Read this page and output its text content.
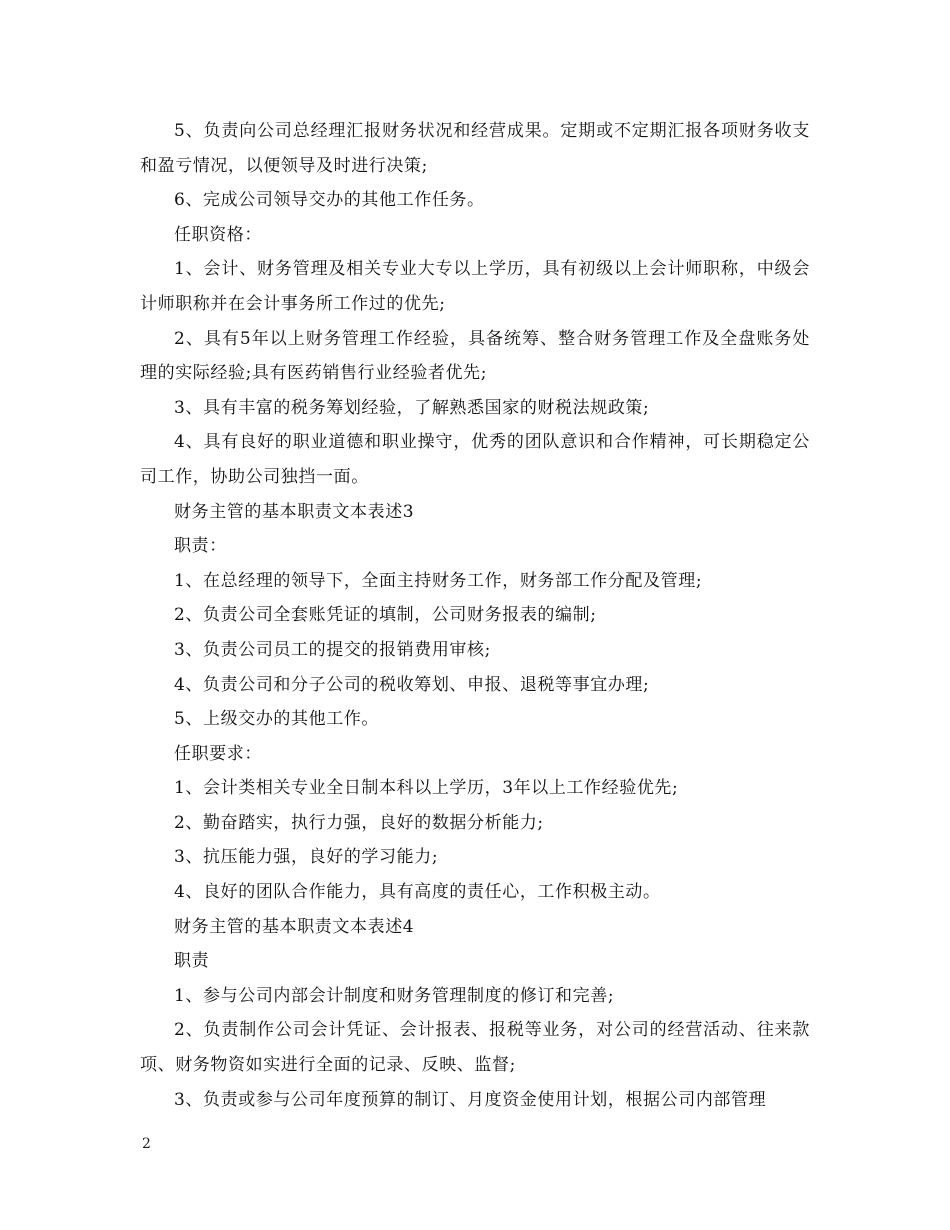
5、负责向公司总经理汇报财务状况和经营成果。定期或不定期汇报各项财务收支和盈亏情况，以便领导及时进行决策;

6、完成公司领导交办的其他工作任务。

任职资格：

1、会计、财务管理及相关专业大专以上学历，具有初级以上会计师职称，中级会计师职称并在会计事务所工作过的优先;

2、具有5年以上财务管理工作经验，具备统筹、整合财务管理工作及全盘账务处理的实际经验;具有医药销售行业经验者优先;

3、具有丰富的税务筹划经验，了解熟悉国家的财税法规政策;

4、具有良好的职业道德和职业操守，优秀的团队意识和合作精神，可长期稳定公司工作，协助公司独挡一面。

财务主管的基本职责文本表述3

职责：

1、在总经理的领导下，全面主持财务工作，财务部工作分配及管理;

2、负责公司全套账凭证的填制，公司财务报表的编制;

3、负责公司员工的提交的报销费用审核;

4、负责公司和分子公司的税收筹划、申报、退税等事宜办理;

5、上级交办的其他工作。

任职要求：

1、会计类相关专业全日制本科以上学历，3年以上工作经验优先;

2、勤奋踏实，执行力强，良好的数据分析能力;

3、抗压能力强，良好的学习能力;

4、良好的团队合作能力，具有高度的责任心，工作积极主动。

财务主管的基本职责文本表述4

职责

1、参与公司内部会计制度和财务管理制度的修订和完善;

2、负责制作公司会计凭证、会计报表、报税等业务，对公司的经营活动、往来款项、财务物资如实进行全面的记录、反映、监督;

3、负责或参与公司年度预算的制订、月度资金使用计划，根据公司内部管理

2
